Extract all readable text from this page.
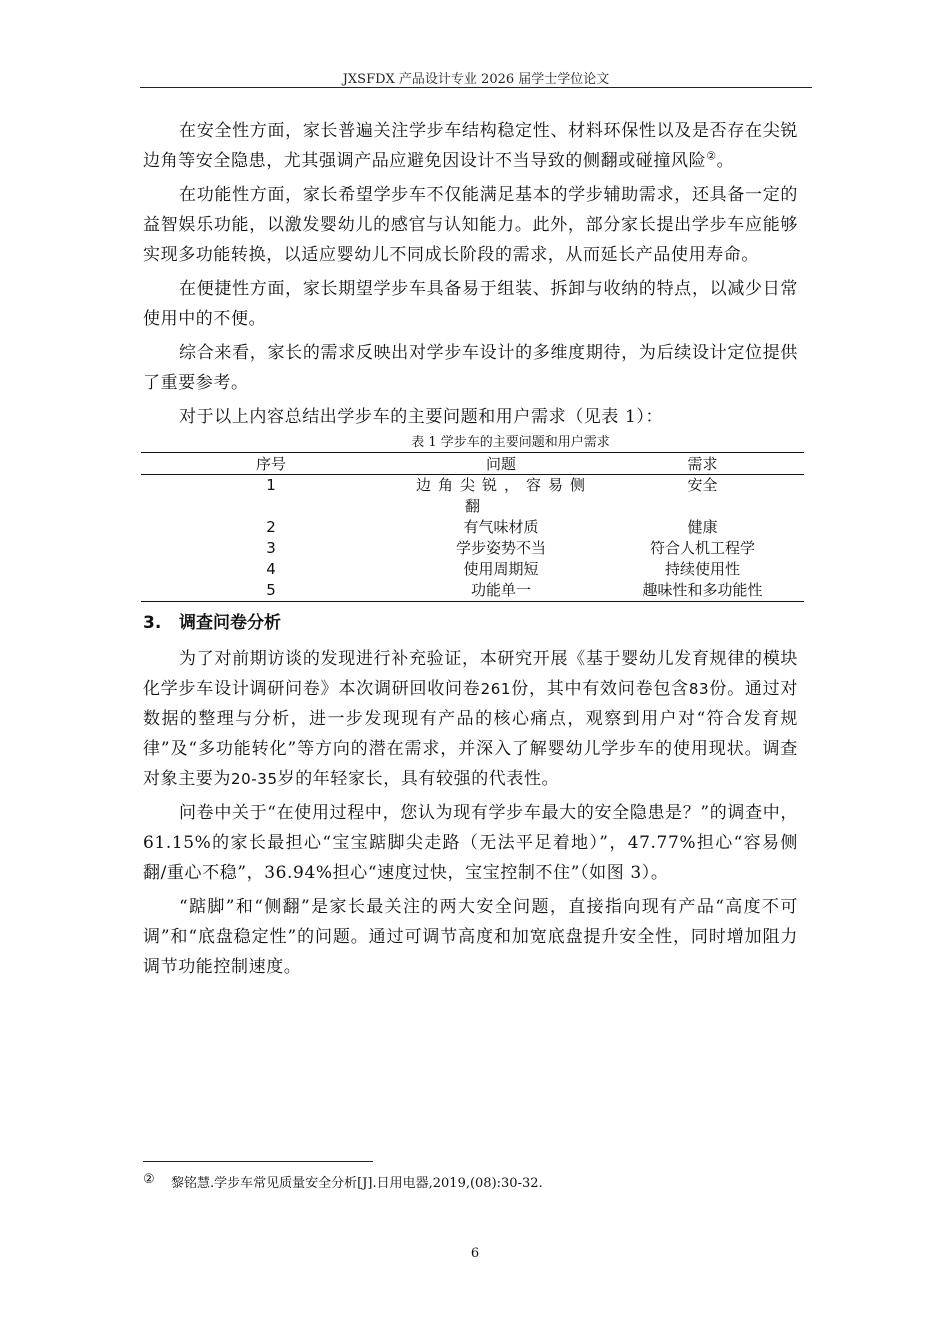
JXSFDX 产品设计专业 2026 届学士学位论文

在安全性方面，家长普遍关注学步车结构稳定性、材料环保性以及是否存在尖锐边角等安全隐患，尤其强调产品应避免因设计不当导致的侧翻或碰撞风险②。

在功能性方面，家长希望学步车不仅能满足基本的学步辅助需求，还具备一定的益智娱乐功能，以激发婴幼儿的感官与认知能力。此外，部分家长提出学步车应能够实现多功能转换，以适应婴幼儿不同成长阶段的需求，从而延长产品使用寿命。

在便捷性方面，家长期望学步车具备易于组装、拆卸与收纳的特点，以减少日常使用中的不便。

综合来看，家长的需求反映出对学步车设计的多维度期待，为后续设计定位提供了重要参考。

对于以上内容总结出学步车的主要问题和用户需求（见表 1）：

表 1 学步车的主要问题和用户需求
序号	问题	需求
1	边角尖锐，容易侧	安全
翻		
2	有气味材质	健康
3	学步姿势不当	符合人机工程学
4	使用周期短	持续使用性
5	功能单一	趣味性和多功能性
3. 调查问卷分析

为了对前期访谈的发现进行补充验证，本研究开展《基于婴幼儿发育规律的模块化学步车设计调研问卷》本次调研回收问卷261份，其中有效问卷包含83份。通过对数据的整理与分析，进一步发现现有产品的核心痛点，观察到用户对“符合发育规律”及“多功能转化”等方向的潜在需求，并深入了解婴幼儿学步车的使用现状。调查对象主要为20-35岁的年轻家长，具有较强的代表性。

问卷中关于“在使用过程中，您认为现有学步车最大的安全隐患是？”的调查中，61.15%的家长最担心“宝宝踮脚尖走路（无法平足着地）”，47.77%担心“容易侧翻/重心不稳”，36.94%担心“速度过快，宝宝控制不住”（如图 3）。

“踮脚”和“侧翻”是家长最关注的两大安全问题，直接指向现有产品“高度不可调”和“底盘稳定性”的问题。通过可调节高度和加宽底盘提升安全性，同时增加阻力调节功能控制速度。

② 黎铭慧.学步车常见质量安全分析[J].日用电器,2019,(08):30-32.
6
